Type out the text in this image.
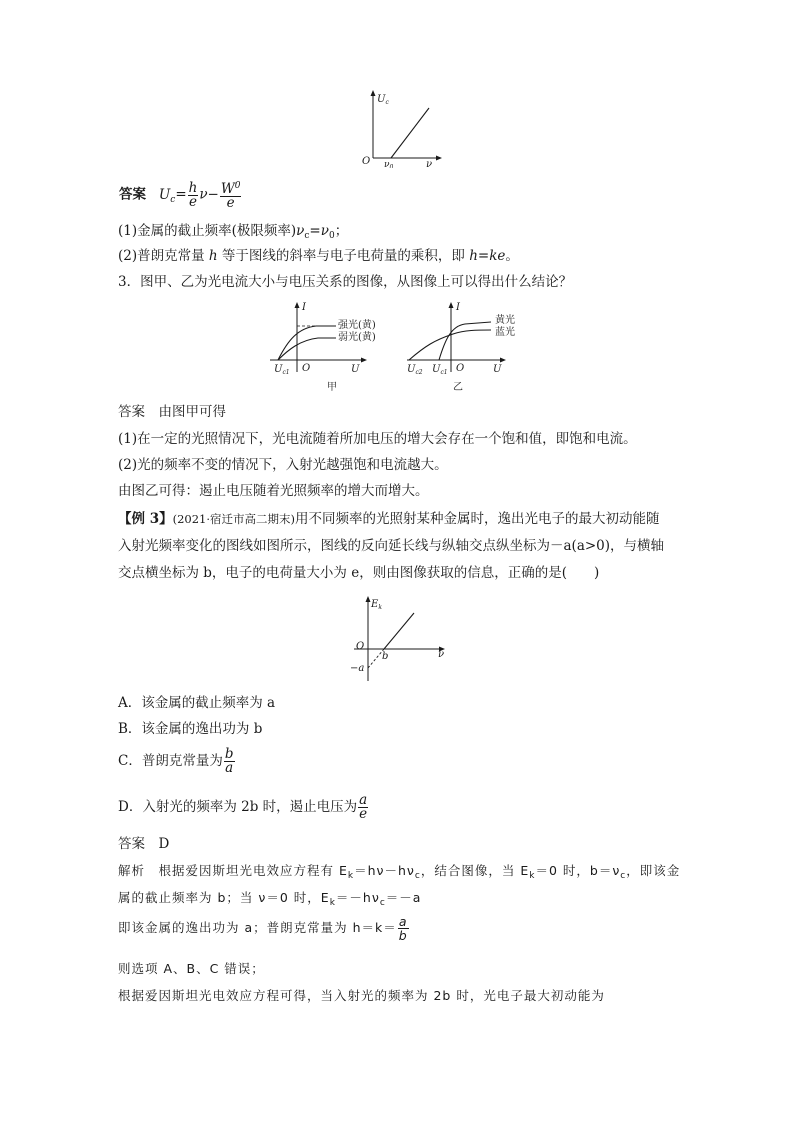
$U_c$
O $\nu_0$	ν
答案 $U_c= \frac{h}{e} \nu- \frac{W^0}{e}$
(1)金属的截止频率(极限频率)$\nu_c=\nu_0$；
(2)普朗克常量 h 等于图线的斜率与电子电荷量的乘积，即 h=ke。
3．图甲、乙为光电流大小与电压关系的图像，从图像上可以得出什么结论？
I
强光(黄)
弱光(黄)
$U_{c1}$ O	U
甲
I
黄光
蓝光
$U_{c2}$ $U_{c1}$ O	U
乙
答案　由图甲可得
(1)在一定的光照情况下，光电流随着所加电压的增大会存在一个饱和值，即饱和电流。
(2)光的频率不变的情况下，入射光越强饱和电流越大。
由图乙可得：遏止电压随着光照频率的增大而增大。
【例 3】(2021·宿迁市高二期末)用不同频率的光照射某种金属时，逸出光电子的最大初动能随
入射光频率变化的图线如图所示，图线的反向延长线与纵轴交点纵坐标为－a(a>0)，与横轴
交点横坐标为 b，电子的电荷量大小为 e，则由图像获取的信息，正确的是(　　)
$E_k$
O
b
−a
ν
A．该金属的截止频率为 a
B．该金属的逸出功为 b
C．普朗克常量为 $\frac{b}{a}$
D．入射光的频率为 2b 时，遏止电压为 $\frac{a}{e}$
答案　D
解析　根据爱因斯坦光电效应方程有 $E_k=h\nu-h\nu_c$，结合图像，当 $E_k=0$ 时，$b=\nu_c$，即该金
属的截止频率为 b；当 ν＝0 时，$E_k=-h\nu_c=-a$
即该金属的逸出功为 a；普朗克常量为 $h=k= \frac{a}{b}$
则选项 A、B、C 错误；
根据爱因斯坦光电效应方程可得，当入射光的频率为 2b 时，光电子最大初动能为
